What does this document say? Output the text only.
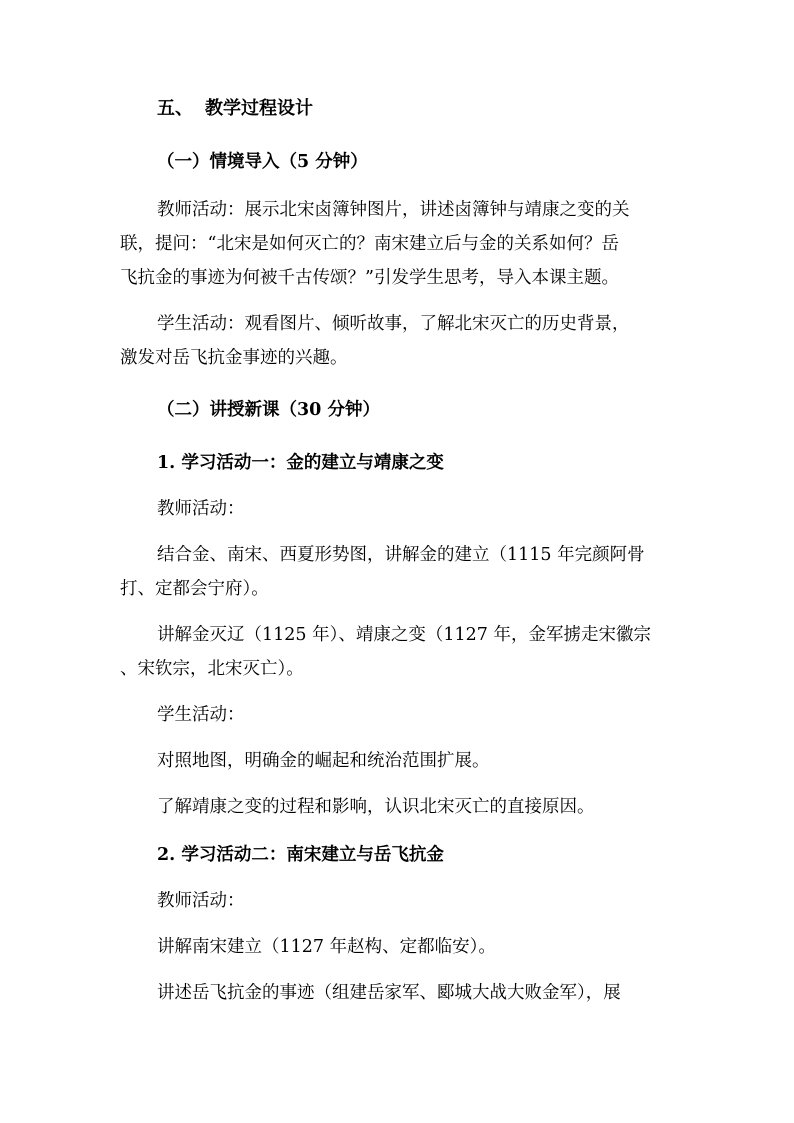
五、 教学过程设计
（一）情境导入（5 分钟）
教师活动：展示北宋卤簿钟图片，讲述卤簿钟与靖康之变的关
联，提问：“北宋是如何灭亡的？南宋建立后与金的关系如何？岳
飞抗金的事迹为何被千古传颂？”引发学生思考，导入本课主题。
学生活动：观看图片、倾听故事，了解北宋灭亡的历史背景，
激发对岳飞抗金事迹的兴趣。
（二）讲授新课（30 分钟）
1. 学习活动一：金的建立与靖康之变
教师活动：
结合金、南宋、西夏形势图，讲解金的建立（1115 年完颜阿骨
打、定都会宁府）。
讲解金灭辽（1125 年）、靖康之变（1127 年，金军掳走宋徽宗
、宋钦宗，北宋灭亡）。
学生活动：
对照地图，明确金的崛起和统治范围扩展。
了解靖康之变的过程和影响，认识北宋灭亡的直接原因。
2. 学习活动二：南宋建立与岳飞抗金
教师活动：
讲解南宋建立（1127 年赵构、定都临安）。
讲述岳飞抗金的事迹（组建岳家军、郾城大战大败金军），展
